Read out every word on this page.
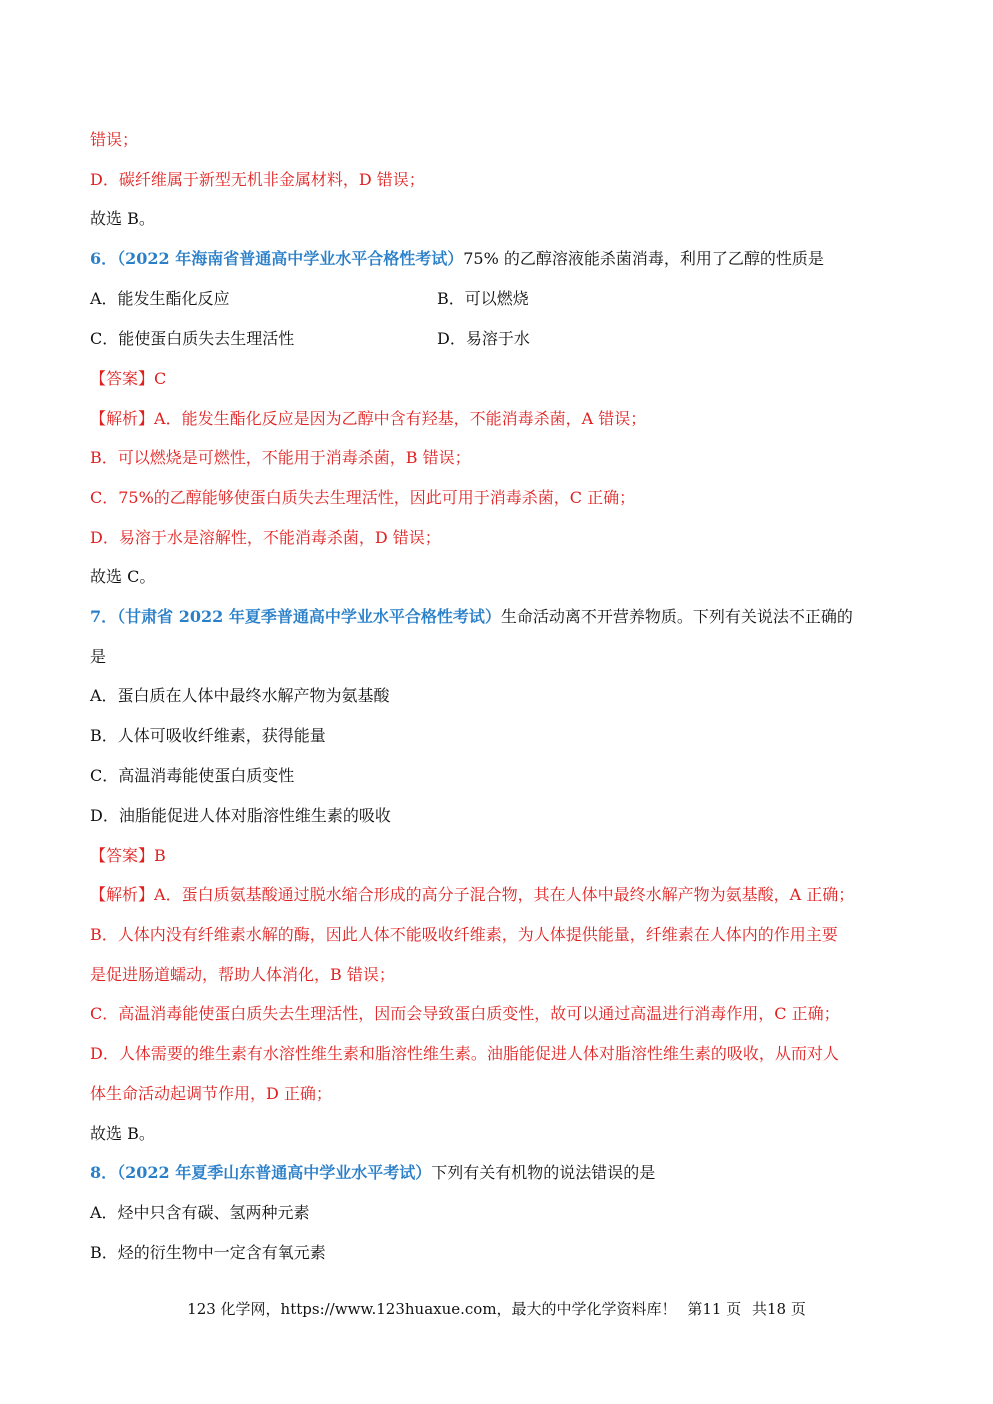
错误；
D．碳纤维属于新型无机非金属材料，D 错误；
故选 B。
6．（2022 年海南省普通高中学业水平合格性考试）75% 的乙醇溶液能杀菌消毒，利用了乙醇的性质是
A．能发生酯化反应	B．可以燃烧
C．能使蛋白质失去生理活性	D．易溶于水
【答案】C
【解析】A．能发生酯化反应是因为乙醇中含有羟基，不能消毒杀菌，A 错误；
B．可以燃烧是可燃性，不能用于消毒杀菌，B 错误；
C．75%的乙醇能够使蛋白质失去生理活性，因此可用于消毒杀菌，C 正确；
D．易溶于水是溶解性，不能消毒杀菌，D 错误；
故选 C。
7．（甘肃省 2022 年夏季普通高中学业水平合格性考试）生命活动离不开营养物质。下列有关说法不正确的
是
A．蛋白质在人体中最终水解产物为氨基酸
B．人体可吸收纤维素，获得能量
C．高温消毒能使蛋白质变性
D．油脂能促进人体对脂溶性维生素的吸收
【答案】B
【解析】A．蛋白质氨基酸通过脱水缩合形成的高分子混合物，其在人体中最终水解产物为氨基酸，A 正确；
B．人体内没有纤维素水解的酶，因此人体不能吸收纤维素，为人体提供能量，纤维素在人体内的作用主要
是促进肠道蠕动，帮助人体消化，B 错误；
C．高温消毒能使蛋白质失去生理活性，因而会导致蛋白质变性，故可以通过高温进行消毒作用，C 正确；
D．人体需要的维生素有水溶性维生素和脂溶性维生素。油脂能促进人体对脂溶性维生素的吸收，从而对人
体生命活动起调节作用，D 正确；
故选 B。
8．（2022 年夏季山东普通高中学业水平考试）下列有关有机物的说法错误的是
A．烃中只含有碳、氢两种元素
B．烃的衍生物中一定含有氧元素
123 化学网，https://www.123huaxue.com，最大的中学化学资料库！ 第11 页 共18 页
